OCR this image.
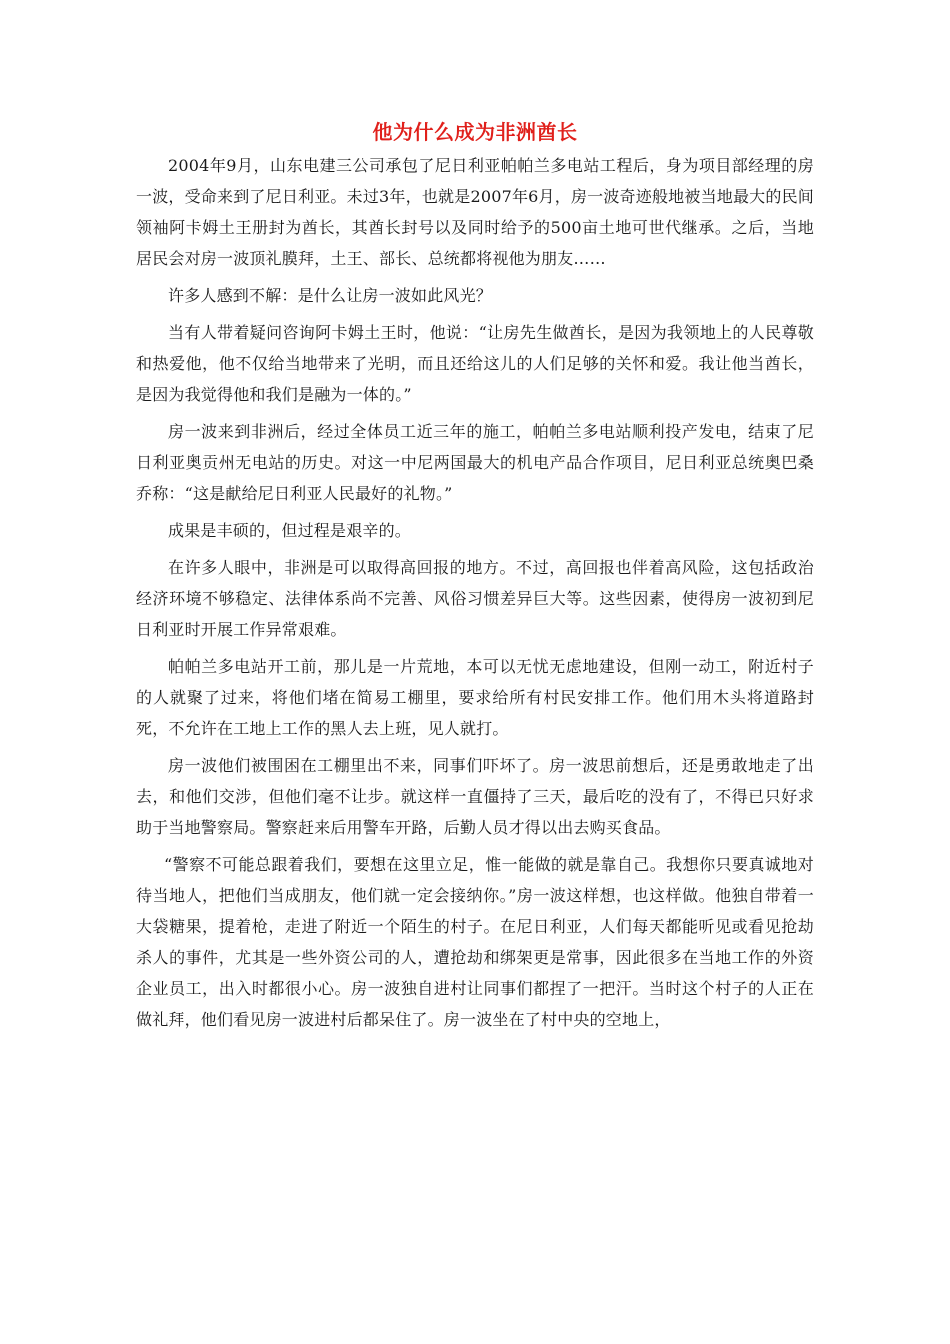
他为什么成为非洲酋长

2004年9月，山东电建三公司承包了尼日利亚帕帕兰多电站工程后，身为项目部经理的房一波，受命来到了尼日利亚。未过3年，也就是2007年6月，房一波奇迹般地被当地最大的民间领袖阿卡姆土王册封为酋长，其酋长封号以及同时给予的500亩土地可世代继承。之后，当地居民会对房一波顶礼膜拜，土王、部长、总统都将视他为朋友……

许多人感到不解：是什么让房一波如此风光？

当有人带着疑问咨询阿卡姆土王时，他说：“让房先生做酋长，是因为我领地上的人民尊敬和热爱他，他不仅给当地带来了光明，而且还给这儿的人们足够的关怀和爱。我让他当酋长，是因为我觉得他和我们是融为一体的。”

房一波来到非洲后，经过全体员工近三年的施工，帕帕兰多电站顺利投产发电，结束了尼日利亚奥贡州无电站的历史。对这一中尼两国最大的机电产品合作项目，尼日利亚总统奥巴桑乔称：“这是献给尼日利亚人民最好的礼物。”

成果是丰硕的，但过程是艰辛的。

在许多人眼中，非洲是可以取得高回报的地方。不过，高回报也伴着高风险，这包括政治经济环境不够稳定、法律体系尚不完善、风俗习惯差异巨大等。这些因素，使得房一波初到尼日利亚时开展工作异常艰难。

帕帕兰多电站开工前，那儿是一片荒地，本可以无忧无虑地建设，但刚一动工，附近村子的人就聚了过来，将他们堵在简易工棚里，要求给所有村民安排工作。他们用木头将道路封死，不允许在工地上工作的黑人去上班，见人就打。

房一波他们被围困在工棚里出不来，同事们吓坏了。房一波思前想后，还是勇敢地走了出去，和他们交涉，但他们毫不让步。就这样一直僵持了三天，最后吃的没有了，不得已只好求助于当地警察局。警察赶来后用警车开路，后勤人员才得以出去购买食品。

“警察不可能总跟着我们，要想在这里立足，惟一能做的就是靠自己。我想你只要真诚地对待当地人，把他们当成朋友，他们就一定会接纳你。”房一波这样想，也这样做。他独自带着一大袋糖果，提着枪，走进了附近一个陌生的村子。在尼日利亚，人们每天都能听见或看见抢劫杀人的事件，尤其是一些外资公司的人，遭抢劫和绑架更是常事，因此很多在当地工作的外资企业员工，出入时都很小心。房一波独自进村让同事们都捏了一把汗。当时这个村子的人正在做礼拜，他们看见房一波进村后都呆住了。房一波坐在了村中央的空地上，
